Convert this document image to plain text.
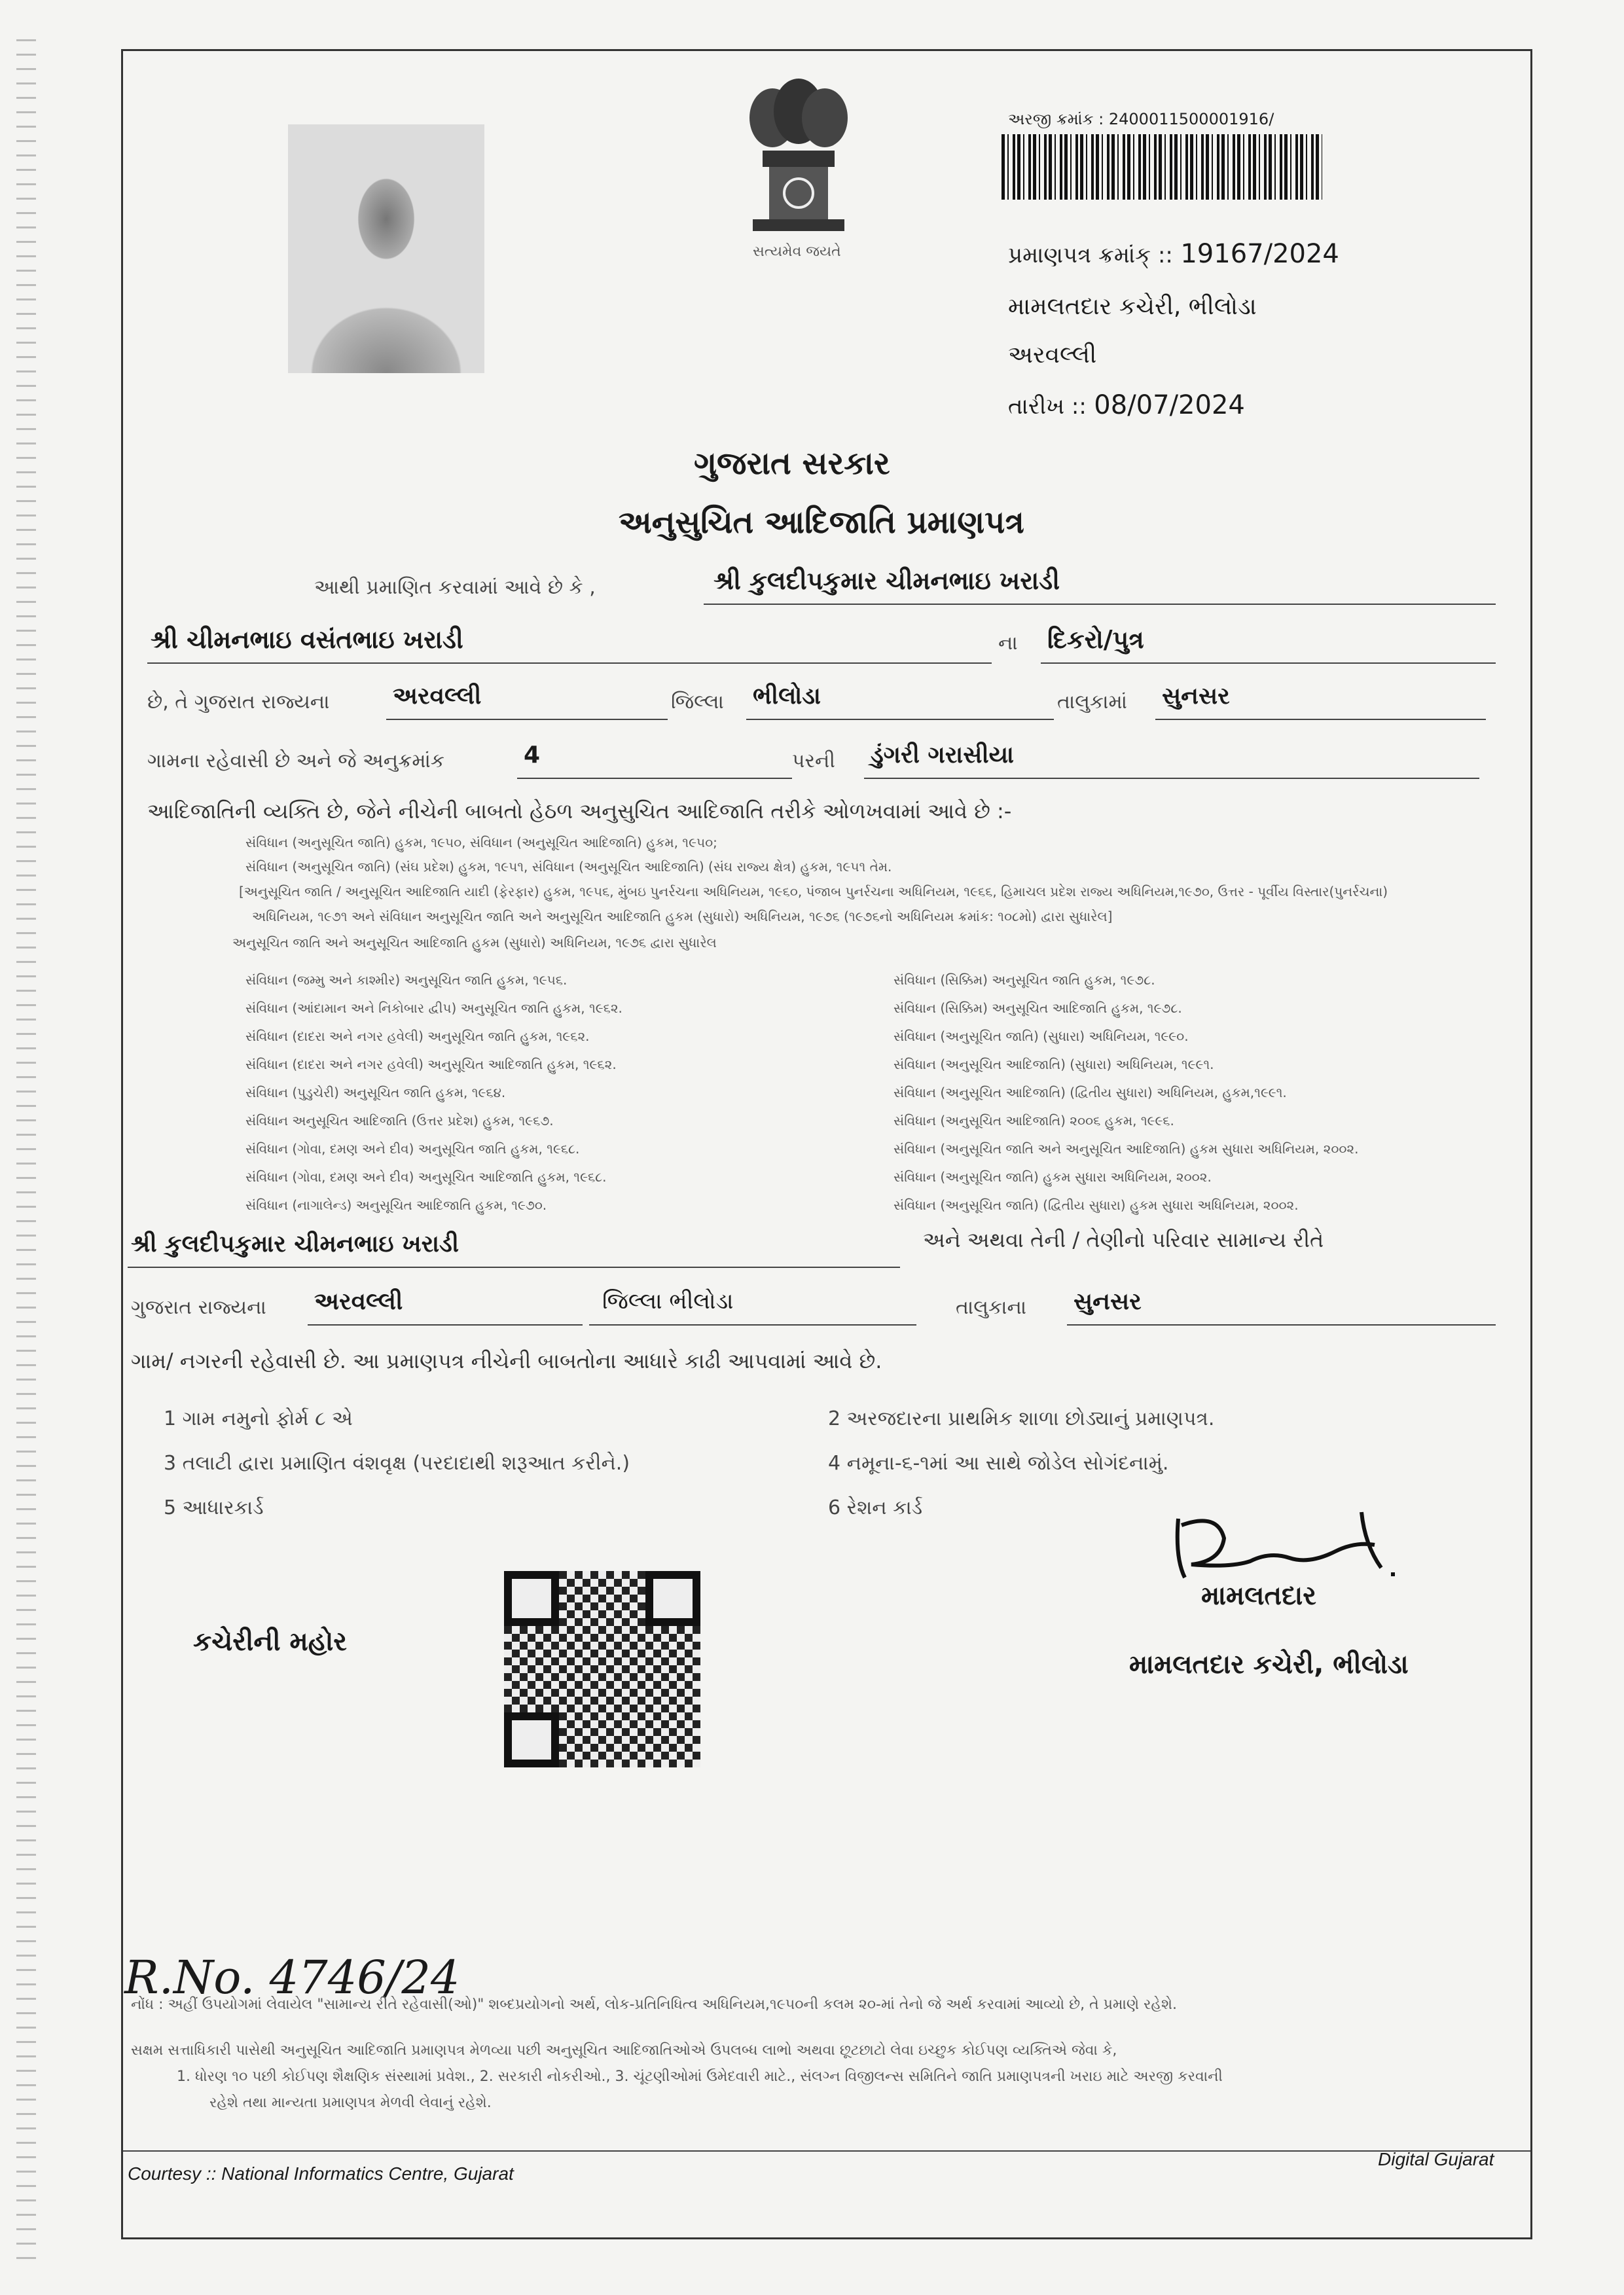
સત્યમેવ જયતે
અરજી ક્રમાંક : 2400011500001916/
પ્રમાણપત્ર ક્રમાંક્ :: 19167/2024
મામલતદાર કચેરી, ભીલોડા
અરવલ્લી
તારીખ :: 08/07/2024
ગુજરાત સરકાર
અનુસુચિત આદિજાતિ પ્રમાણપત્ર
આથી પ્રમાણિત કરવામાં આવે છે કે ,	શ્રી કુલદીપકુમાર ચીમનભાઇ ખરાડી
શ્રી ચીમનભાઇ વસંતભાઇ ખરાડી	ના દિકરો/પુત્ર
છે, તે ગુજરાત રાજ્યના	અરવલ્લી	જિલ્લા ભીલોડા	તાલુકામાં સુનસર
ગામના રહેવાસી છે અને જે અનુક્રમાંક	4	પરની ડુંગરી ગરાસીયા
આદિજાતિની વ્યક્તિ છે, જેને નીચેની બાબતો હેઠળ અનુસુચિત આદિજાતિ તરીકે ઓળખવામાં આવે છે :-
સંવિધાન (અનુસૂચિત જાતિ) હુકમ, ૧૯૫૦, સંવિધાન (અનુસૂચિત આદિજાતિ) હુકમ, ૧૯૫૦;
સંવિધાન (અનુસૂચિત જાતિ) (સંઘ પ્રદેશ) હુકમ, ૧૯૫૧, સંવિધાન (અનુસૂચિત આદિજાતિ) (સંઘ રાજ્ય ક્ષેત્ર) હુકમ, ૧૯૫૧ તેમ.
[અનુસૂચિત જાતિ / અનુસૂચિત આદિજાતિ યાદી (ફેરફાર) હુકમ, ૧૯૫૬, મુંબઇ પુનર્રચના અધિનિયમ, ૧૯૬૦, પંજાબ પુનર્રચના અધિનિયમ, ૧૯૬૬, હિમાચલ પ્રદેશ રાજ્ય અધિનિયમ,૧૯૭૦, ઉત્તર - પૂર્વીય વિસ્તાર(પુનર્રચના)
અધિનિયમ, ૧૯૭૧ અને સંવિધાન અનુસૂચિત જાતિ અને અનુસૂચિત આદિજાતિ હુકમ (સુધારો) અધિનિયમ, ૧૯૭૬ (૧૯૭૬નો અધિનિયમ ક્રમાંક: ૧૦૮મો) દ્વારા સુધારેલ]
અનુસૂચિત જાતિ અને અનુસૂચિત આદિજાતિ હુકમ (સુધારો) અધિનિયમ, ૧૯૭૬ દ્વારા સુધારેલ
સંવિધાન (જમ્મુ અને કાશ્મીર) અનુસૂચિત જાતિ હુકમ, ૧૯૫૬.
સંવિધાન (આંદામાન અને નિકોબાર દ્વીપ) અનુસૂચિત જાતિ હુકમ, ૧૯૬૨.
સંવિધાન (દાદરા અને નગર હવેલી) અનુસૂચિત જાતિ હુકમ, ૧૯૬૨.
સંવિધાન (દાદરા અને નગર હવેલી) અનુસૂચિત આદિજાતિ હુકમ, ૧૯૬૨.
સંવિધાન (પુડુચેરી) અનુસૂચિત જાતિ હુકમ, ૧૯૬૪.
સંવિધાન અનુસૂચિત આદિજાતિ (ઉત્તર પ્રદેશ) હુકમ, ૧૯૬૭.
સંવિધાન (ગોવા, દમણ અને દીવ) અનુસૂચિત જાતિ હુકમ, ૧૯૬૮.
સંવિધાન (ગોવા, દમણ અને દીવ) અનુસૂચિત આદિજાતિ હુકમ, ૧૯૬૮.
સંવિધાન (નાગાલેન્ડ) અનુસૂચિત આદિજાતિ હુકમ, ૧૯૭૦.
સંવિધાન (સિક્કિમ) અનુસૂચિત જાતિ હુકમ, ૧૯૭૮.
સંવિધાન (સિક્કિમ) અનુસૂચિત આદિજાતિ હુકમ, ૧૯૭૮.
સંવિધાન (અનુસૂચિત જાતિ) (સુધારા) અધિનિયમ, ૧૯૯૦.
સંવિધાન (અનુસૂચિત આદિજાતિ) (સુધારા) અધિનિયમ, ૧૯૯૧.
સંવિધાન (અનુસૂચિત આદિજાતિ) (દ્વિતીય સુધારા) અધિનિયમ, હુકમ,૧૯૯૧.
સંવિધાન (અનુસૂચિત આદિજાતિ) ૨૦૦૬ હુકમ, ૧૯૯૬.
સંવિધાન (અનુસૂચિત જાતિ અને અનુસૂચિત આદિજાતિ) હુકમ સુધારા અધિનિયમ, ૨૦૦૨.
સંવિધાન (અનુસૂચિત જાતિ) હુકમ સુધારા અધિનિયમ, ૨૦૦૨.
સંવિધાન (અનુસૂચિત જાતિ) (દ્વિતીય સુધારા) હુકમ સુધારા અધિનિયમ, ૨૦૦૨.
શ્રી કુલદીપકુમાર ચીમનભાઇ ખરાડી	અને અથવા તેની / તેણીનો પરિવાર સામાન્ય રીતે
ગુજરાત રાજ્યના અરવલ્લી	જિલ્લા ભીલોડા	તાલુકાના સુનસર
ગામ/ નગરની રહેવાસી છે. આ પ્રમાણપત્ર નીચેની બાબતોના આધારે કાઢી આપવામાં આવે છે.
1 ગામ નમુનો ફોર્મ ૮ એ	2 અરજદારના પ્રાથમિક શાળા છોડ્યાનું પ્રમાણપત્ર.
3 તલાટી દ્વારા પ્રમાણિત વંશવૃક્ષ (પરદાદાથી શરૂઆત કરીને.)	4 નમૂના-૬-૧માં આ સાથે જોડેલ સોગંદનામું.
5 આધારકાર્ડ	6 રેશન કાર્ડ
મામલતદાર
મામલતદાર કચેરી, ભીલોડા
કચેરીની મહોર
R.No. 4746/24
નોંધ : અહીં ઉપયોગમાં લેવાયેલ "સામાન્ય રીતે રહેવાસી(ઓ)" શબ્દપ્રયોગનો અર્થ, લોક-પ્રતિનિધિત્વ અધિનિયમ,૧૯૫૦ની કલમ ૨૦-માં તેનો જે અર્થ કરવામાં આવ્યો છે, તે પ્રમાણે રહેશે.
સક્ષમ સત્તાધિકારી પાસેથી અનુસૂચિત આદિજાતિ પ્રમાણપત્ર મેળવ્યા પછી અનુસૂચિત આદિજાતિઓએ ઉપલબ્ધ લાભો અથવા છૂટછાટો લેવા ઇચ્છુક કોઈપણ વ્યક્તિએ જેવા કે,
1. ધોરણ ૧૦ પછી કોઈપણ શૈક્ષણિક સંસ્થામાં પ્રવેશ., 2. સરકારી નોકરીઓ., 3. ચૂંટણીઓમાં ઉમેદવારી માટે., સંલગ્ન વિજીલન્સ સમિતિને જાતિ પ્રમાણપત્રની ખરાઇ માટે અરજી કરવાની
રહેશે તથા માન્યતા પ્રમાણપત્ર મેળવી લેવાનું રહેશે.
Courtesy :: National Informatics Centre, Gujarat
Digital Gujarat
